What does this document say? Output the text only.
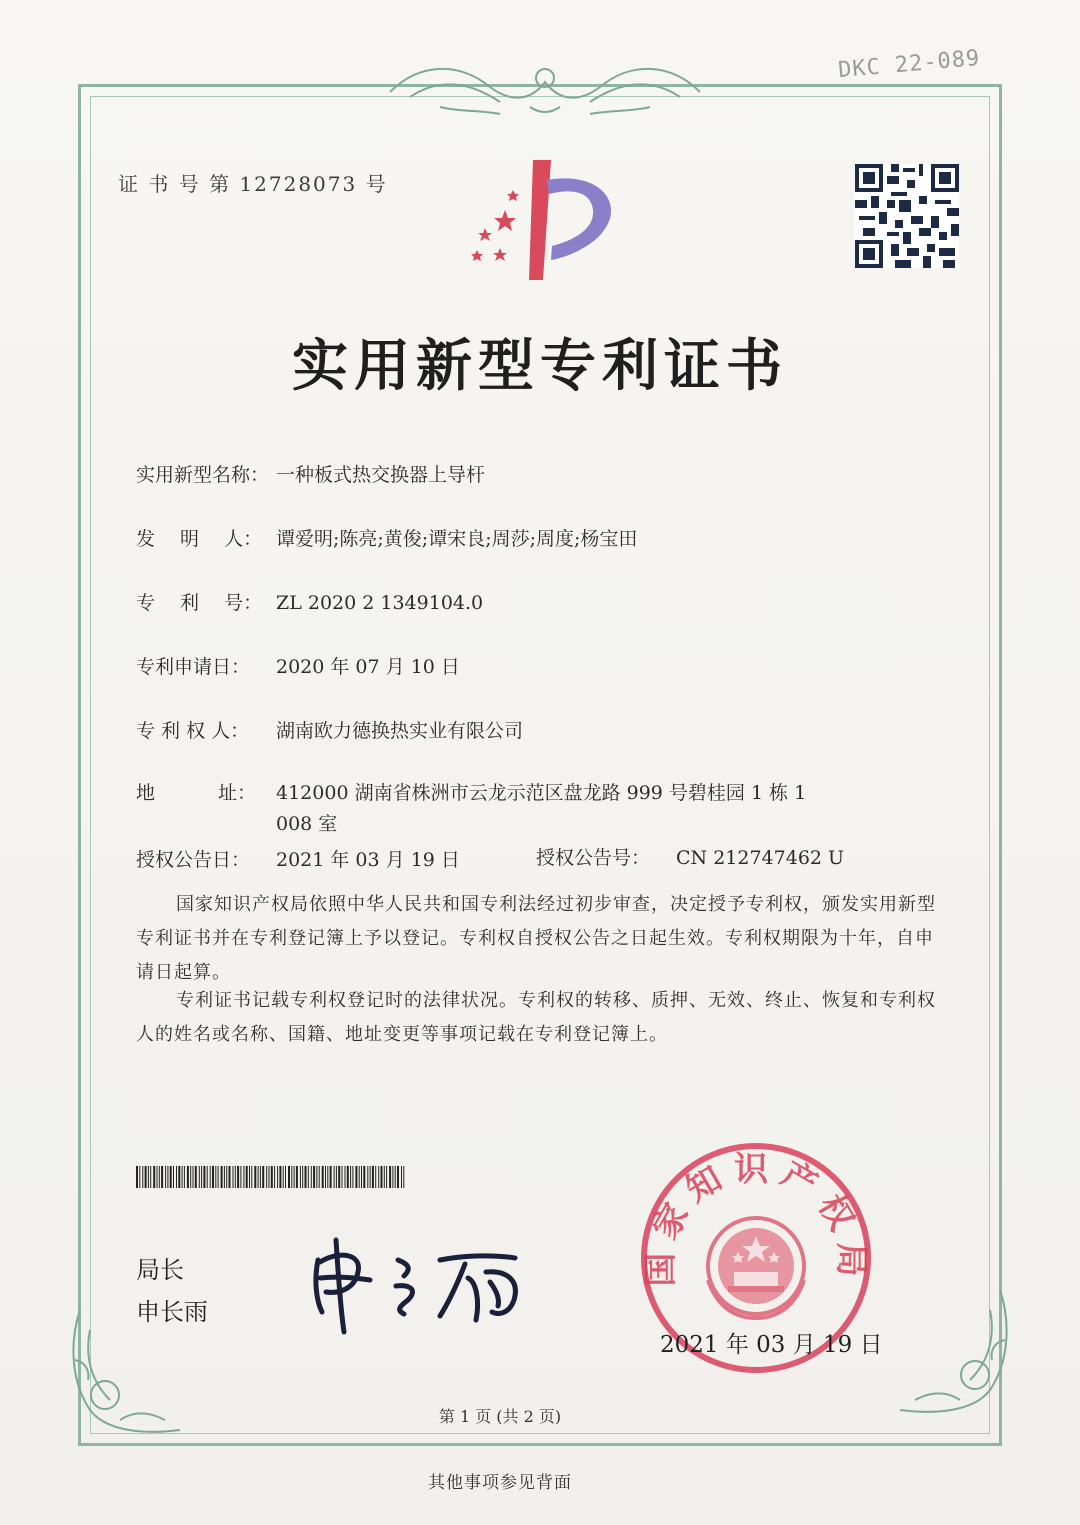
DKC 22-089
证 书 号 第 12728073 号
实用新型专利证书
实用新型名称： 一种板式热交换器上导杆
发　 明　 人： 谭爱明;陈亮;黄俊;谭宋良;周莎;周度;杨宝田
专　 利　 号： ZL 2020 2 1349104.0
专利申请日： 2020 年 07 月 10 日
专 利 权 人： 湖南欧力德换热实业有限公司
地　　　 址： 412000 湖南省株洲市云龙示范区盘龙路 999 号碧桂园 1 栋 1 008 室
授权公告日： 2021 年 03 月 19 日	授权公告号： CN 212747462 U
国家知识产权局依照中华人民共和国专利法经过初步审查，决定授予专利权，颁发实用新型专利证书并在专利登记簿上予以登记。专利权自授权公告之日起生效。专利权期限为十年，自申请日起算。
专利证书记载专利权登记时的法律状况。专利权的转移、质押、无效、终止、恢复和专利权人的姓名或名称、国籍、地址变更等事项记载在专利登记簿上。
局长
申长雨
国家知识产权局
2021 年 03 月 19 日
第 1 页 (共 2 页)
其他事项参见背面
